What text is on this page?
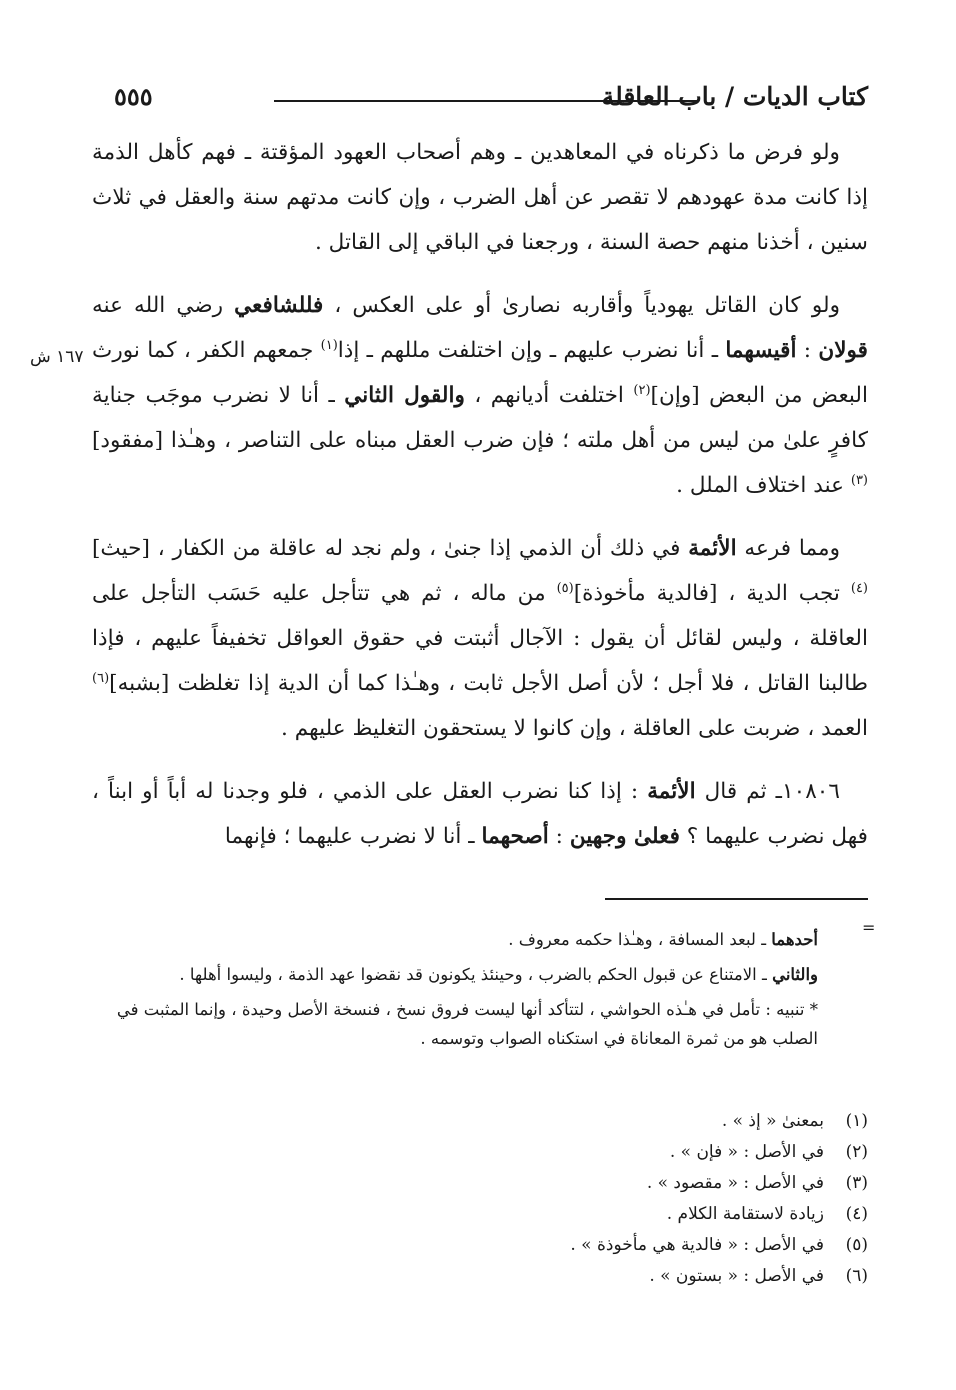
كتاب الديات / باب العاقلة
٥٥٥
١٦٧ ش

ولو فرض ما ذكرناه في المعاهدين ـ وهم أصحاب العهود المؤقتة ـ فهم كأهل الذمة إذا كانت مدة عهودهم لا تقصر عن أهل الضرب ، وإن كانت مدتهم سنة والعقل في ثلاث سنين ، أخذنا منهم حصة السنة ، ورجعنا في الباقي إلى القاتل .

ولو كان القاتل يهودياً وأقاربه نصارىٰ أو على العكس ، فللشافعي رضي الله عنه قولان : أقيسهما ـ أنا نضرب عليهم ـ وإن اختلفت مللهم ـ إذا$^{(١)}$ جمعهم الكفر ، كما نورث البعض من البعض [وإن]$^{(٢)}$ اختلفت أديانهم ، والقول الثاني ـ أنا لا نضرب موجَب جناية كافرٍ علىٰ من ليس من أهل ملته ؛ فإن ضرب العقل مبناه على التناصر ، وهـٰذا [مفقود]$^{(٣)}$ عند اختلاف الملل .

ومما فرعه الأئمة في ذلك أن الذمي إذا جنىٰ ، ولم نجد له عاقلة من الكفار ، [حيث]$^{(٤)}$ تجب الدية ، [فالدية مأخوذة]$^{(٥)}$ من ماله ، ثم هي تتأجل عليه حَسَب التأجل على العاقلة ، وليس لقائل أن يقول : الآجال أثبتت في حقوق العواقل تخفيفاً عليهم ، فإذا طالبنا القاتل ، فلا أجل ؛ لأن أصل الأجل ثابت ، وهـٰذا كما أن الدية إذا تغلظت [بشبه]$^{(٦)}$ العمد ، ضربت على العاقلة ، وإن كانوا لا يستحقون التغليظ عليهم .

١٠٨٠٦ـ ثم قال الأئمة : إذا كنا نضرب العقل على الذمي ، فلو وجدنا له أباً أو ابناً ، فهل نضرب عليهما ؟ فعلىٰ وجهين : أصحهما ـ أنا لا نضرب عليهما ؛ فإنهما

=

أحدهما ـ لبعد المسافة ، وهـٰذا حكمه معروف .

والثاني ـ الامتناع عن قبول الحكم بالضرب ، وحينئذ يكونون قد نقضوا عهد الذمة ، وليسوا أهلها .

* تنبيه : تأمل في هـٰذه الحواشي ، لتتأكد أنها ليست فروق نسخ ، فنسخة الأصل وحيدة ، وإنما المثبت في الصلب هو من ثمرة المعاناة في استكناه الصواب وتوسمه .

(١)
بمعنىٰ « إذ » .
(٢)
في الأصل : « فإن » .
(٣)
في الأصل : « مقصود » .
(٤)
زيادة لاستقامة الكلام .
(٥)
في الأصل : « فالدية هي مأخوذة » .
(٦)
في الأصل : « بستون » .
